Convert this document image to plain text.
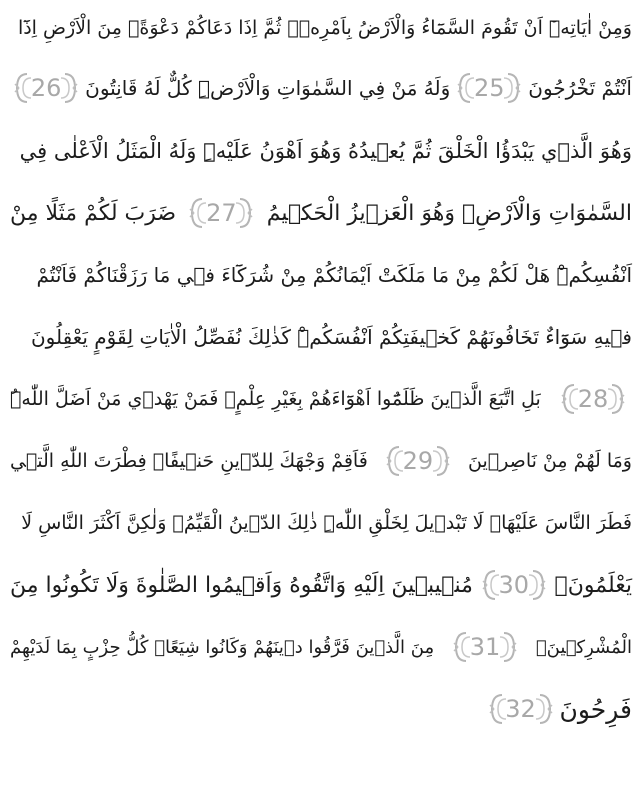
وَمِنْ اٰيَاتِه۪ٓ اَنْ تَقُومَ السَّمَٓاءُ وَالْاَرْضُ بِاَمْرِه۪ۜ ثُمَّ اِذَا دَعَاكُمْ دَعْوَةًۗ مِنَ الْاَرْضِ اِذَٓا
اَنْتُمْ تَخْرُجُونَ
25
وَلَهُ مَنْ فِي السَّمٰوَاتِ وَالْاَرْضِۜ كُلٌّ لَهُ قَانِتُونَ
26
وَهُوَ الَّذ۪ي يَبْدَؤُا الْخَلْقَ ثُمَّ يُع۪يدُهُ وَهُوَ اَهْوَنُ عَلَيْهِۜ وَلَهُ الْمَثَلُ الْاَعْلٰى فِي
السَّمٰوَاتِ وَالْاَرْضِۚ وَهُوَ الْعَز۪يزُ الْحَك۪يمُ
27
ضَرَبَ لَكُمْ مَثَلًا مِنْ
اَنْفُسِكُمْۜ هَلْ لَكُمْ مِنْ مَا مَلَكَتْ اَيْمَانُكُمْ مِنْ شُرَكَٓاءَ ف۪ي مَا رَزَقْنَاكُمْ فَاَنْتُمْ
ف۪يهِ سَوَٓاءٌ تَخَافُونَهُمْ كَخ۪يفَتِكُمْ اَنْفُسَكُمْۜ كَذٰلِكَ نُفَصِّلُ الْاٰيَاتِ لِقَوْمٍ يَعْقِلُونَ
28
بَلِ اتَّبَعَ الَّذ۪ينَ ظَلَمُٓوا اَهْوَٓاءَهُمْ بِغَيْرِ عِلْمٍۚ فَمَنْ يَهْد۪ي مَنْ اَضَلَّ اللّٰهُۜ
وَمَا لَهُمْ مِنْ نَاصِر۪ينَ
29
فَاَقِمْ وَجْهَكَ لِلدّ۪ينِ حَن۪يفًاۜ فِطْرَتَ اللّٰهِ الَّت۪ي
فَطَرَ النَّاسَ عَلَيْهَاۜ لَا تَبْد۪يلَ لِخَلْقِ اللّٰهِۜ ذٰلِكَ الدّ۪ينُ الْقَيِّمُۙ وَلٰكِنَّ اَكْثَرَ النَّاسِ لَا
يَعْلَمُونَۙ
30
مُن۪يب۪ينَ اِلَيْهِ وَاتَّقُوهُ وَاَق۪يمُوا الصَّلٰوةَ وَلَا تَكُونُوا مِنَ
الْمُشْرِك۪ينَۙ
31
مِنَ الَّذ۪ينَ فَرَّقُوا د۪ينَهُمْ وَكَانُوا شِيَعًاۜ كُلُّ حِزْبٍ بِمَا لَدَيْهِمْ
فَرِحُونَ
32
